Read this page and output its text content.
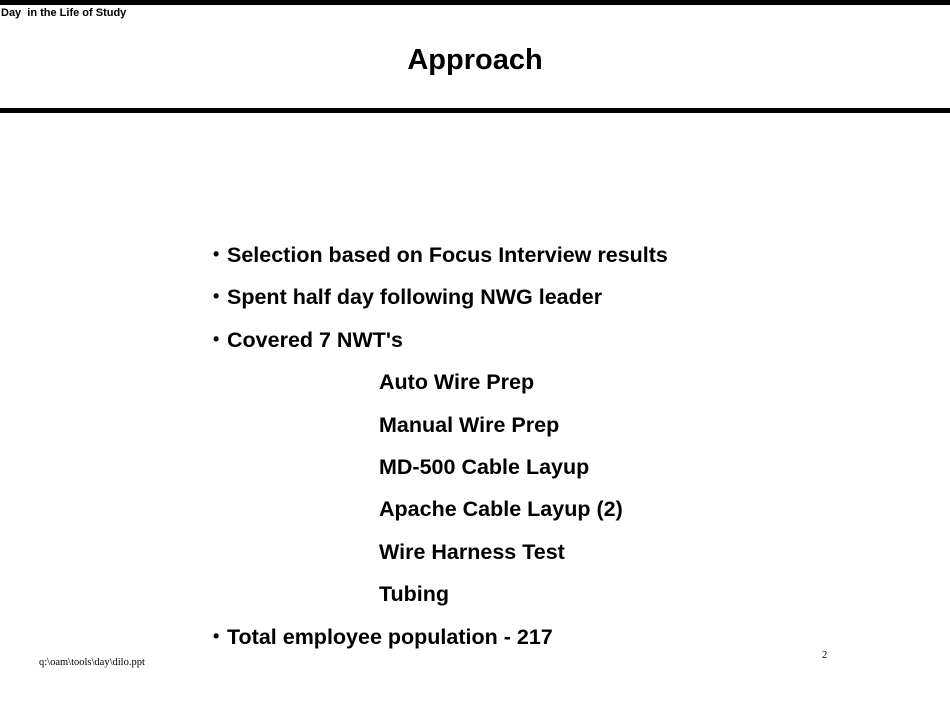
Day  in the Life of Study
Approach
• Selection based on Focus Interview results
• Spent half day following NWG leader
• Covered 7 NWT's
Auto Wire Prep
Manual Wire Prep
MD-500 Cable Layup
Apache Cable Layup (2)
Wire Harness Test
Tubing
• Total employee population - 217
q:\oam\tools\day\dilo.ppt
2
